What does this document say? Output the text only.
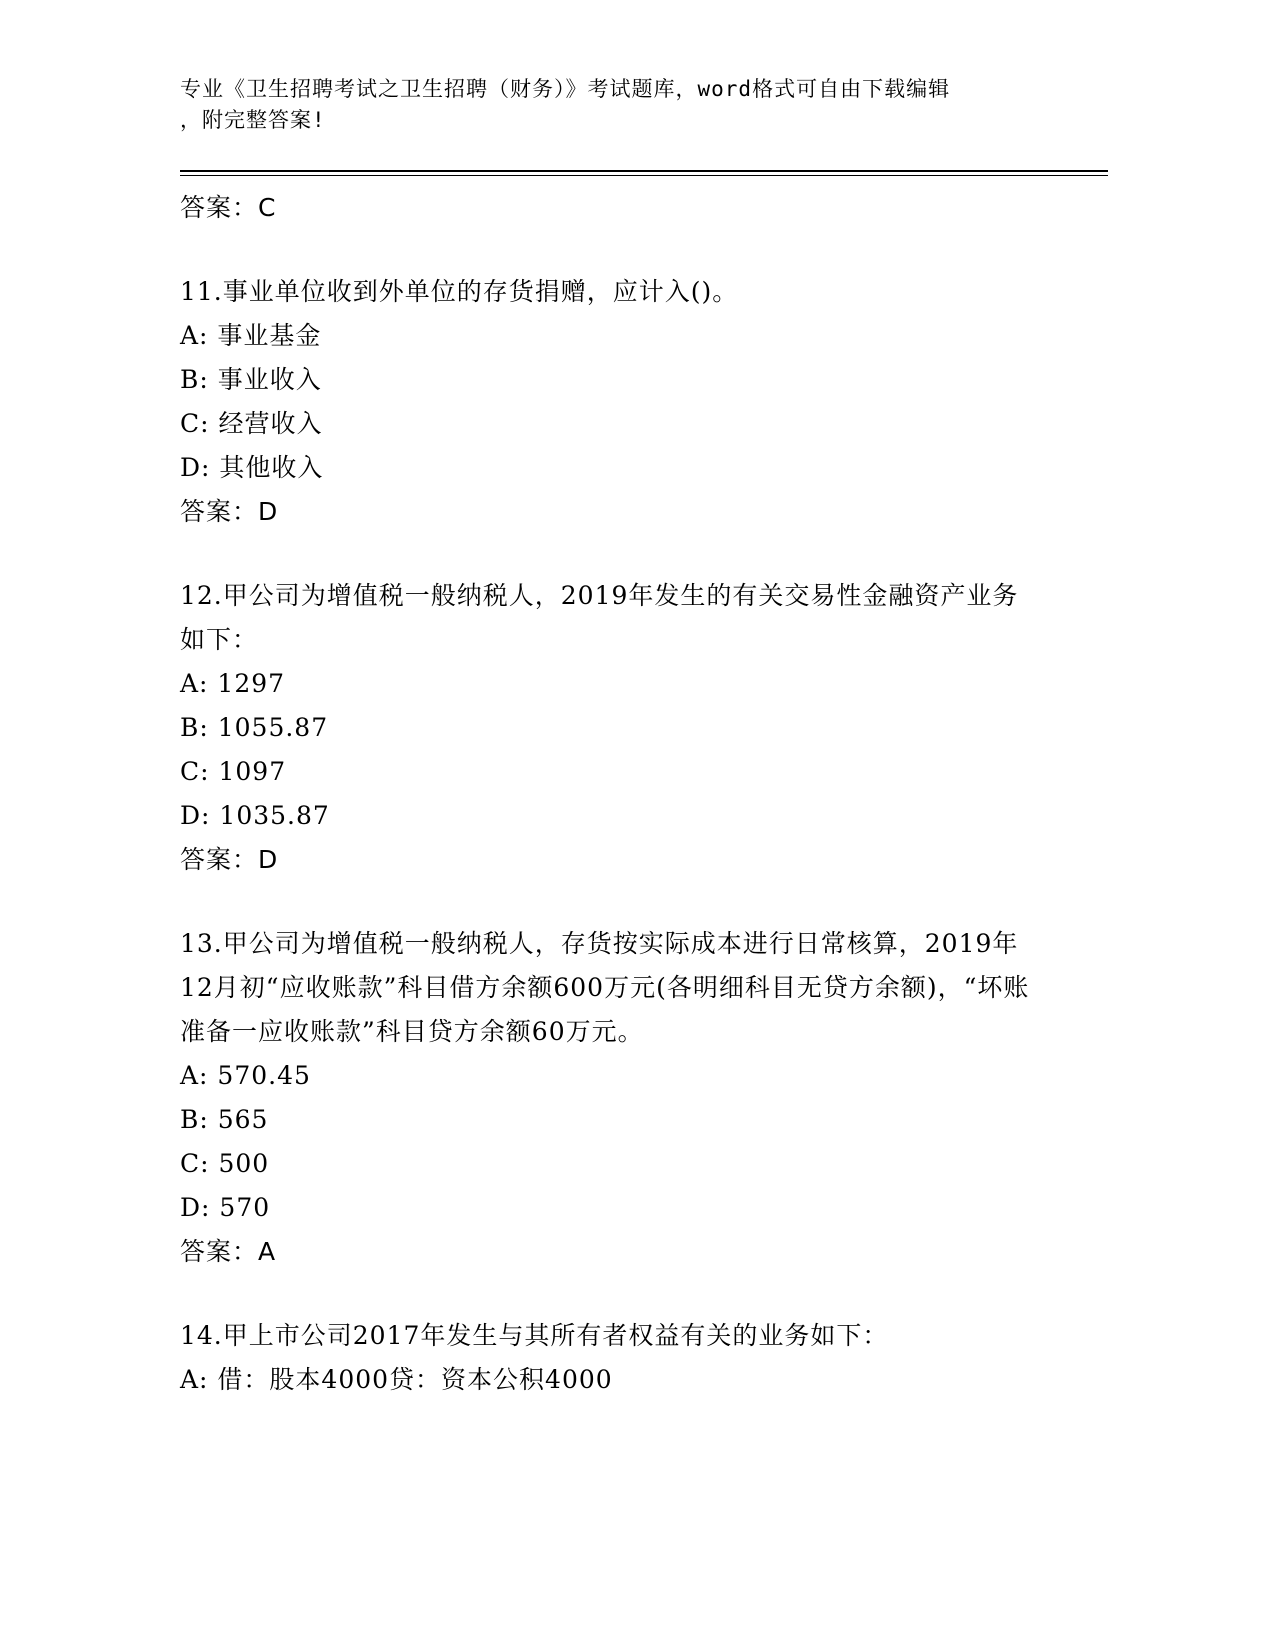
专业《卫生招聘考试之卫生招聘（财务）》考试题库，word格式可自由下载编辑
，附完整答案!
答案：C
11.事业单位收到外单位的存货捐赠，应计入()。
A: 事业基金
B: 事业收入
C: 经营收入
D: 其他收入
答案：D
12.甲公司为增值税一般纳税人，2019年发生的有关交易性金融资产业务如下：
A: 1297
B: 1055.87
C: 1097
D: 1035.87
答案：D
13.甲公司为增值税一般纳税人，存货按实际成本进行日常核算，2019年12月初“应收账款”科目借方余额600万元(各明细科目无贷方余额)，“坏账准备一应收账款”科目贷方余额60万元。
A: 570.45
B: 565
C: 500
D: 570
答案：A
14.甲上市公司2017年发生与其所有者权益有关的业务如下：
A: 借：股本4000贷：资本公积4000
